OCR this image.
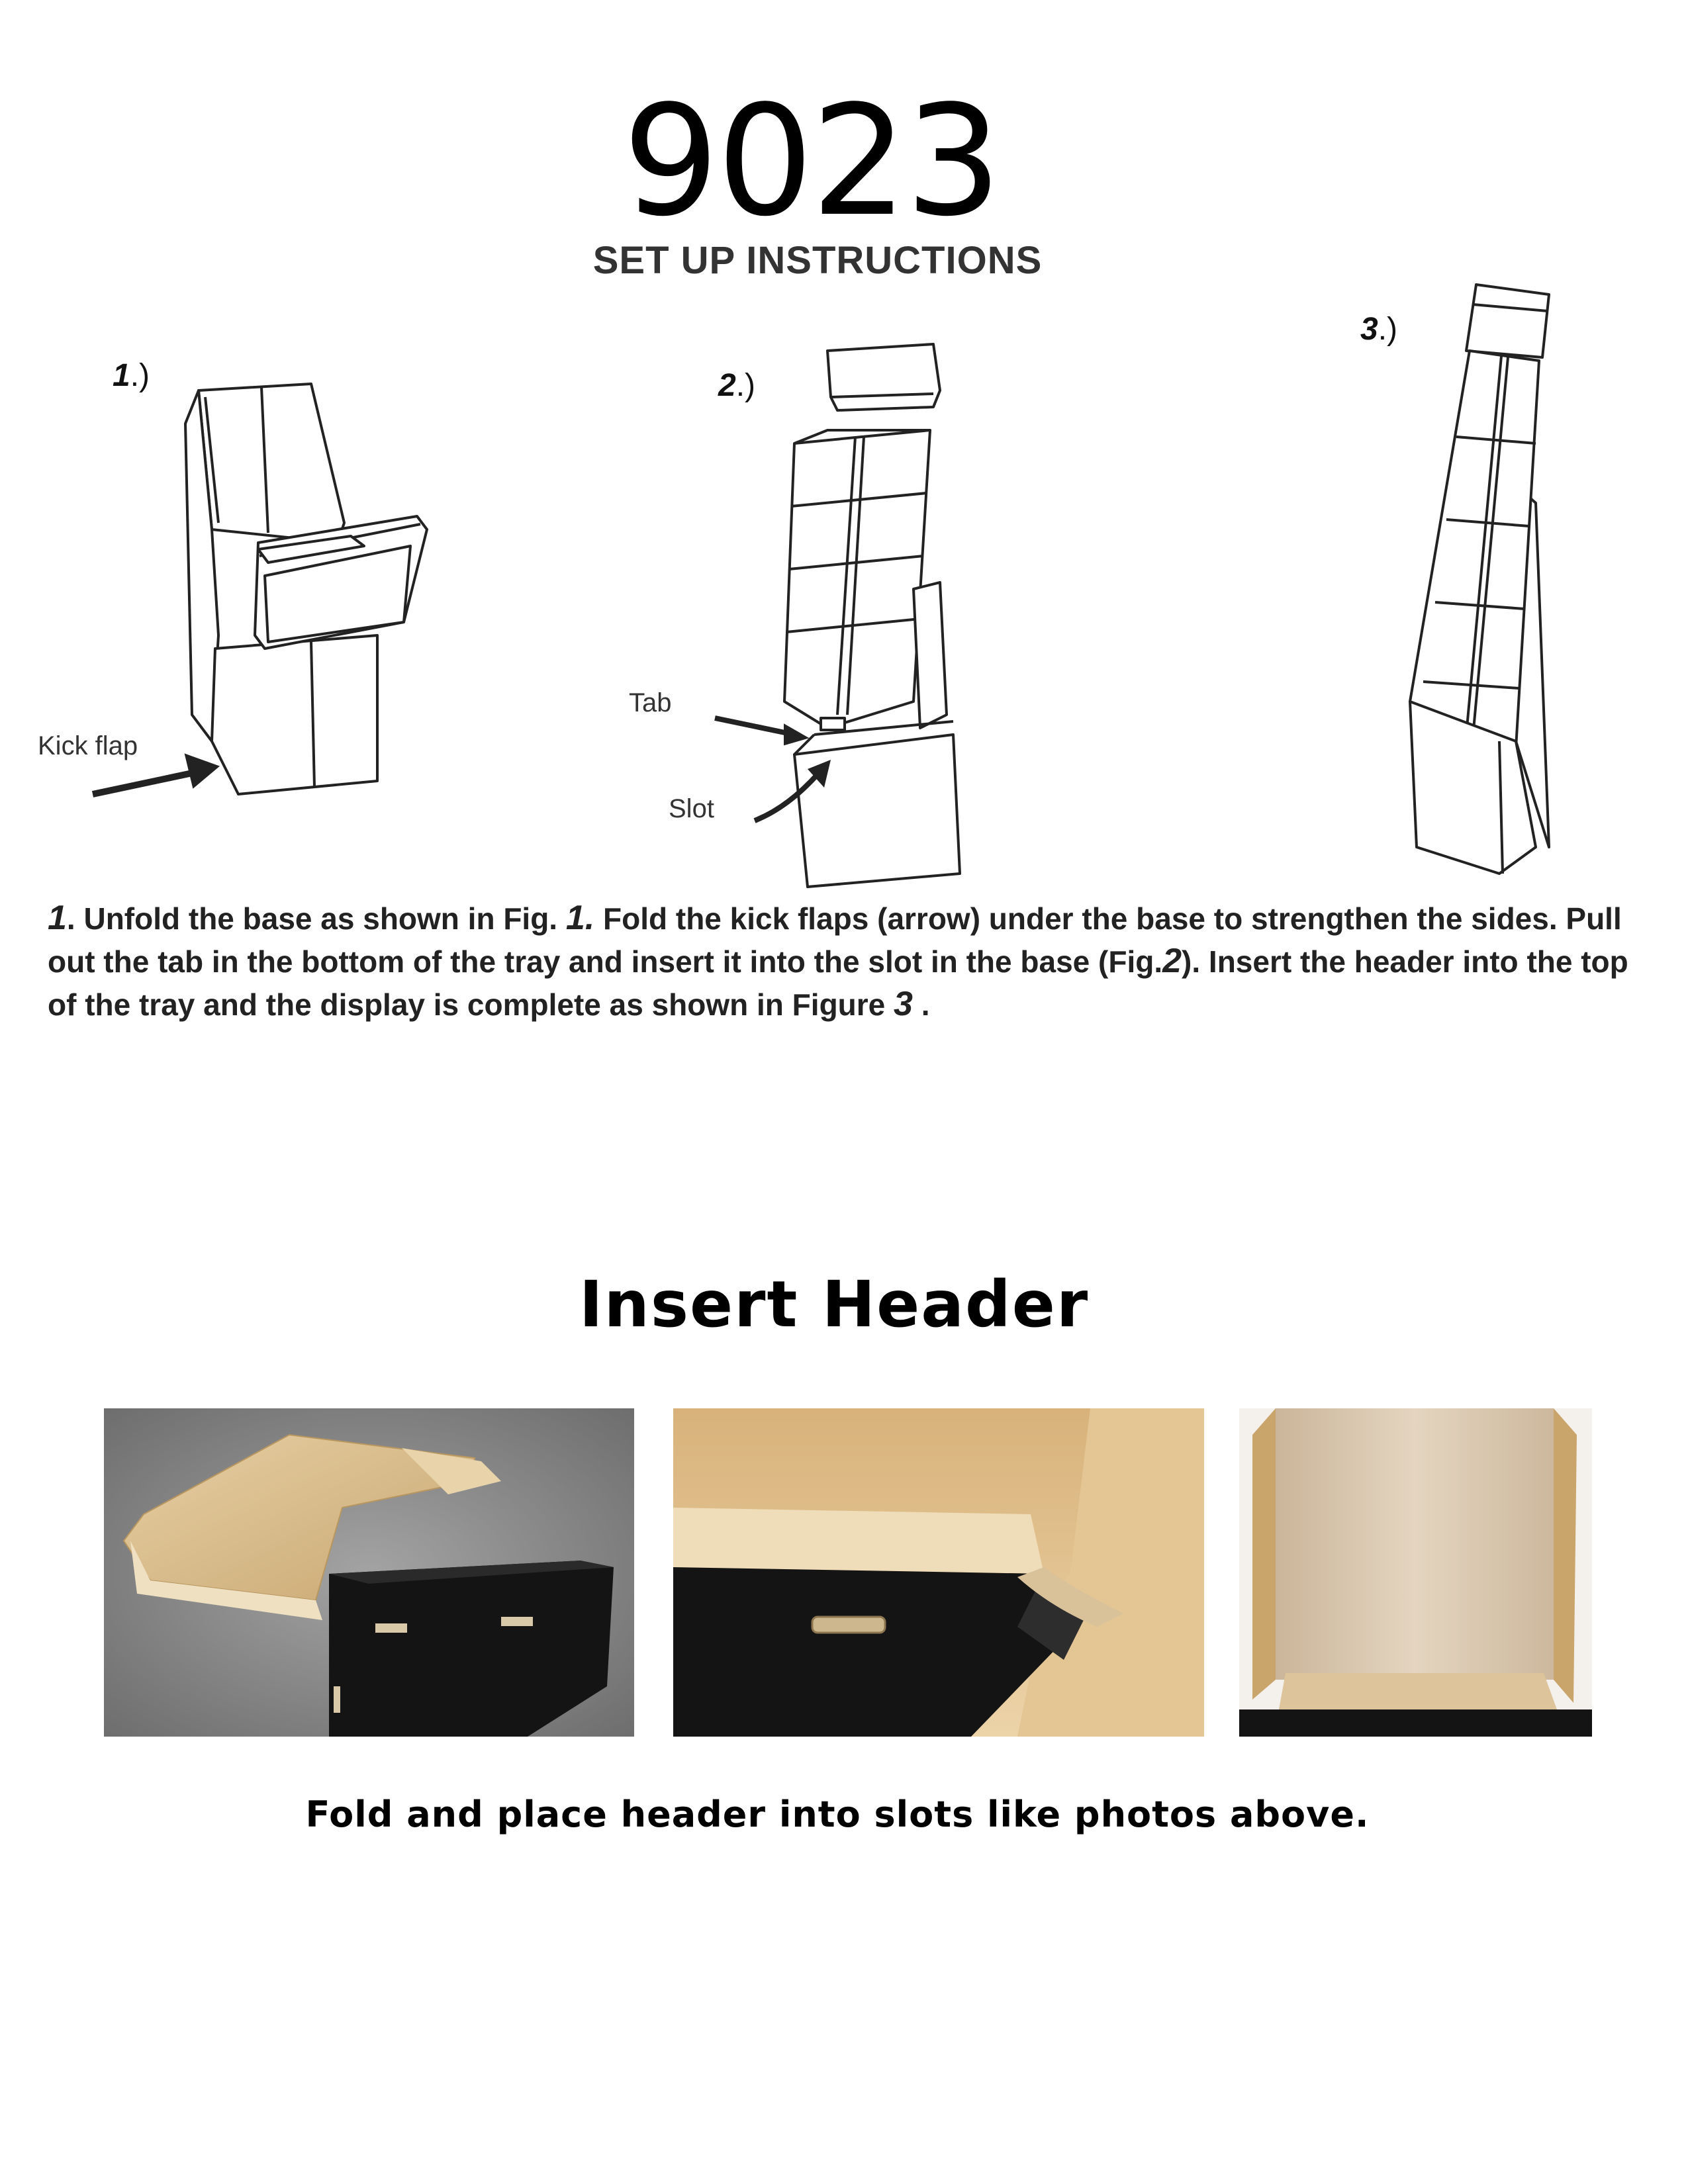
9023
SET UP INSTRUCTIONS
1.)	2.)
3.)
Kick flap
Tab
Slot
1. Unfold the base as shown in Fig. 1. Fold the kick flaps (arrow) under the base to strengthen the sides. Pull out the tab in the bottom of the tray and insert it into the slot in the base (Fig.2). Insert the header into the top of the tray and the display is complete as shown in Figure 3 .
Insert Header
Fold and place header into slots like photos above.
